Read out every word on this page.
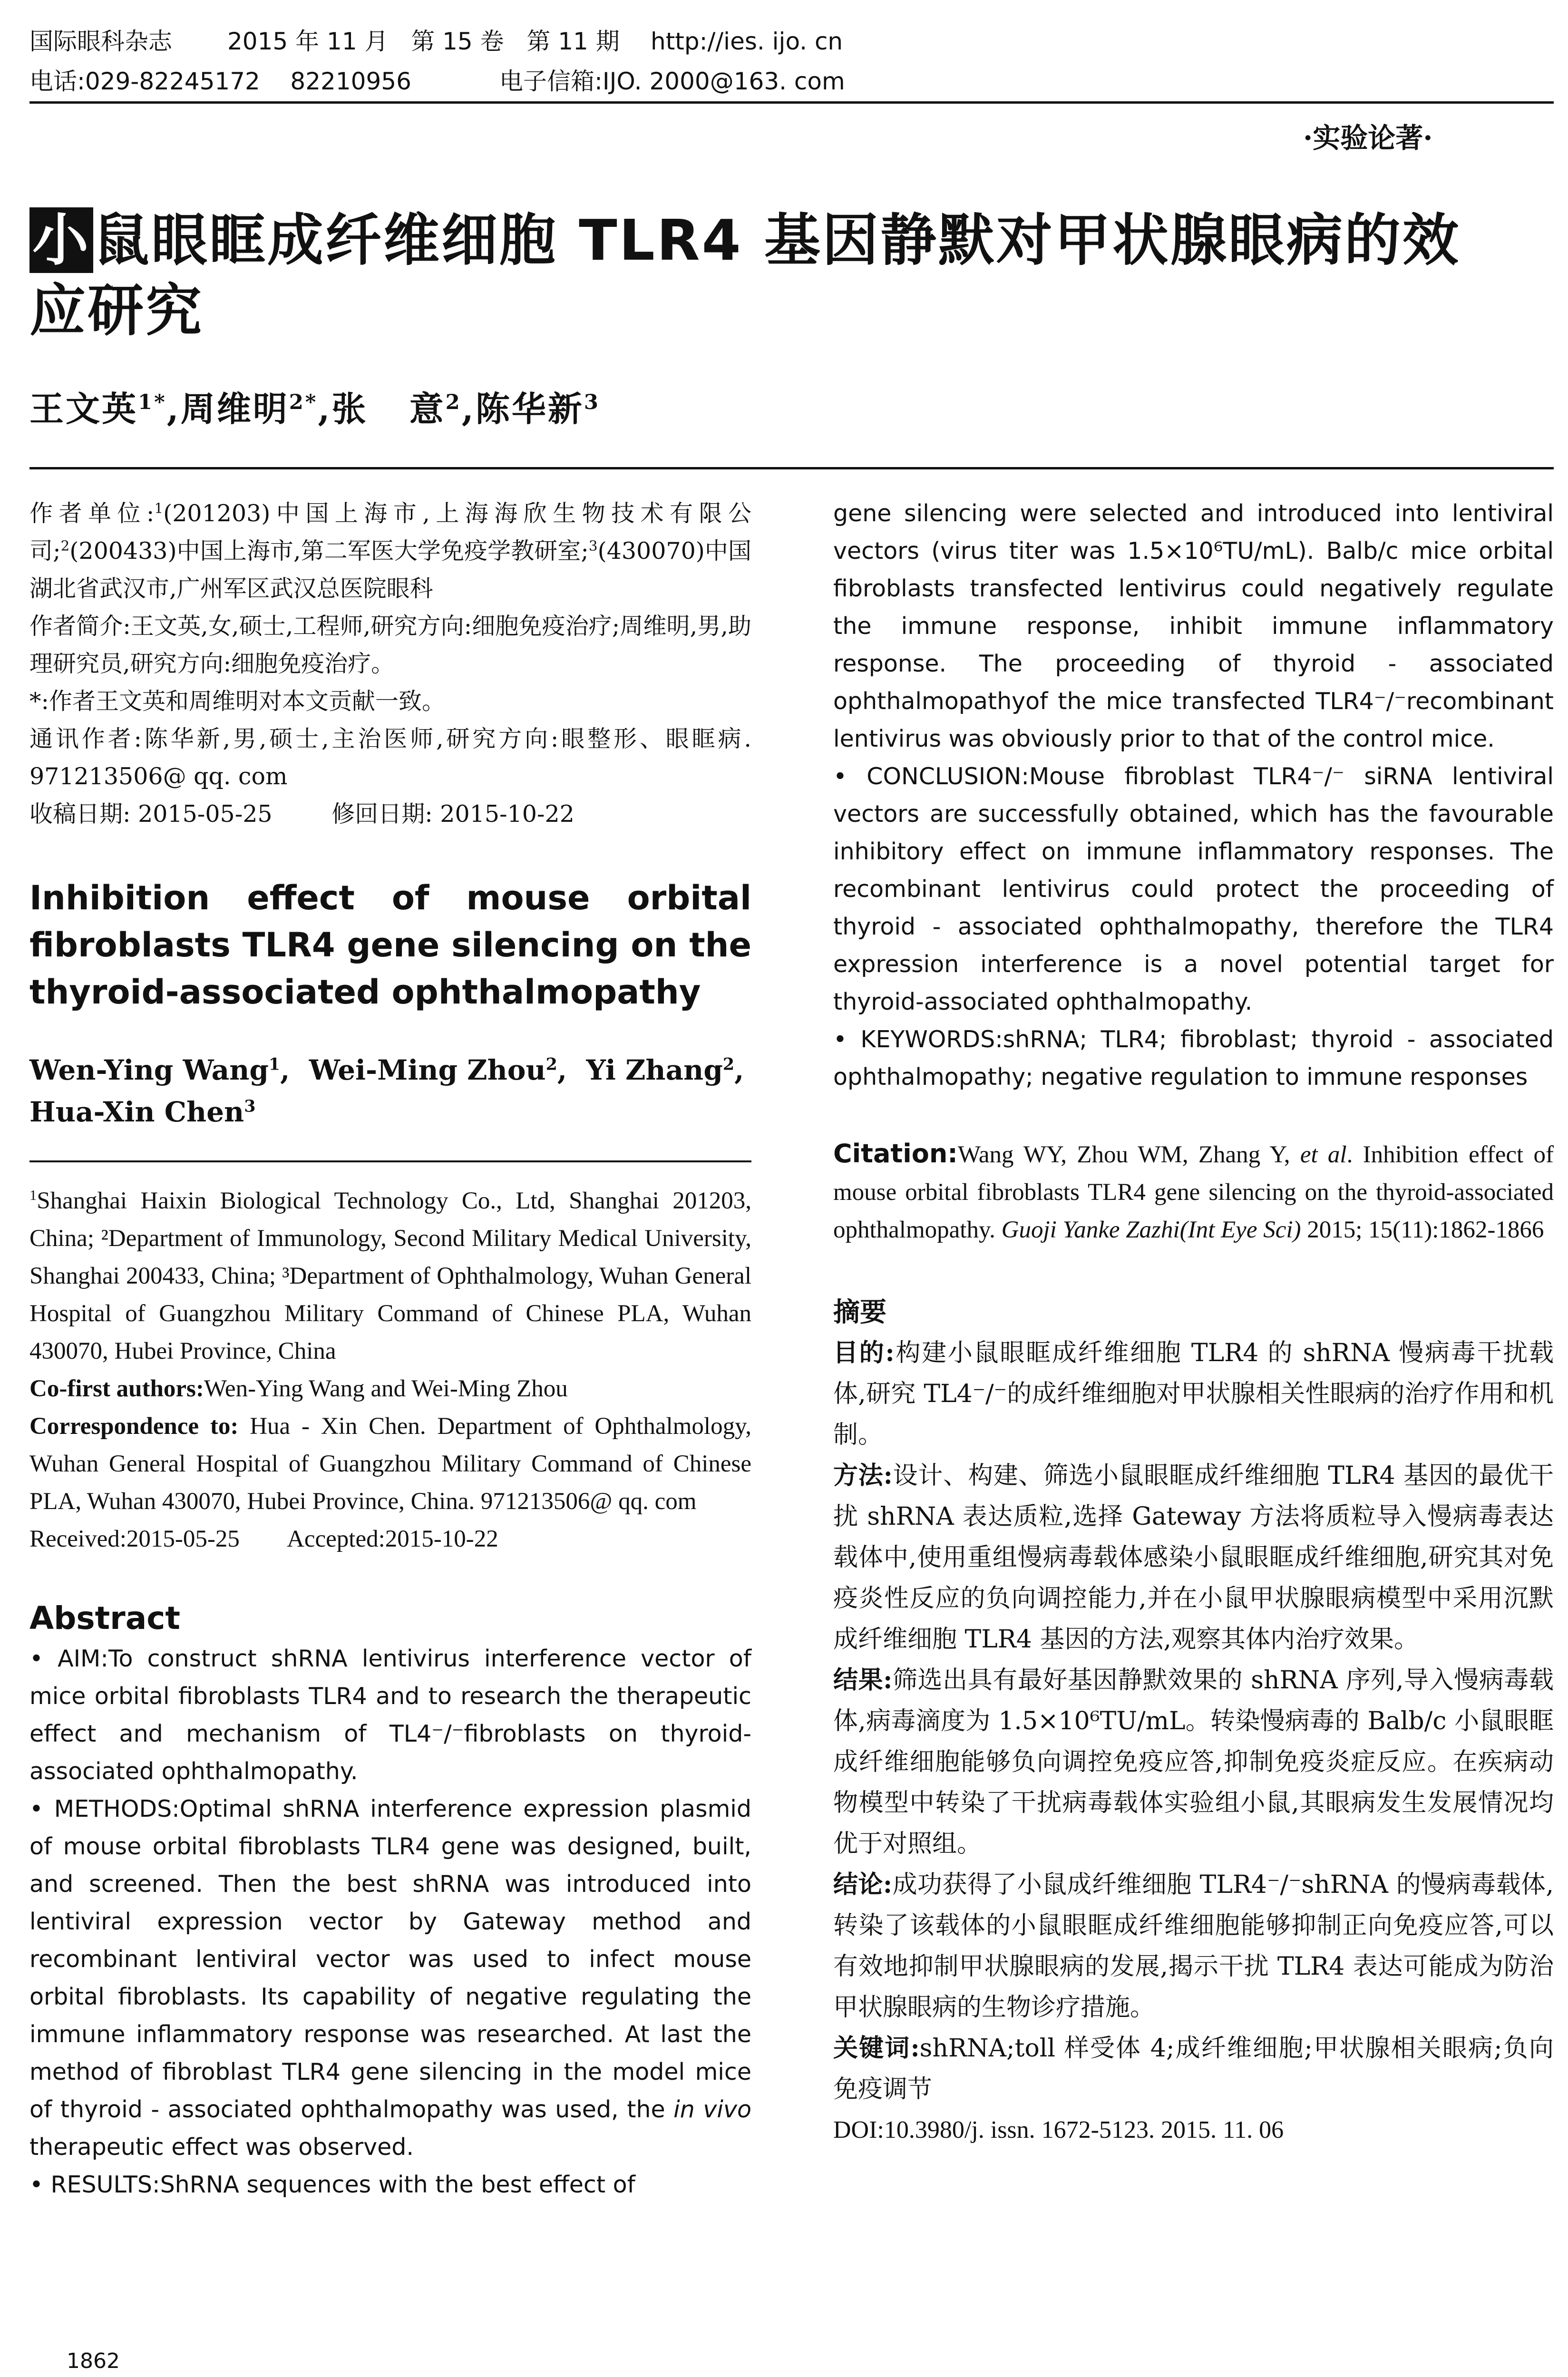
国际眼科杂志 2015 年 11 月   第 15 卷   第 11 期 http://ies. ijo. cn
电话:029-82245172    82210956	电子信箱:IJO. 2000@163. com
·实验论著·
小鼠眼眶成纤维细胞 TLR4 基因静默对甲状腺眼病的效
应研究
王文英$^{1*}$,周维明$^{2*}$,张   意$^2$,陈华新$^3$
作者单位:$^1$(201203)中国上海市,上海海欣生物技术有限公司;$^2$(200433)中国上海市,第二军医大学免疫学教研室;$^3$(430070)中国湖北省武汉市,广州军区武汉总医院眼科
作者简介:王文英,女,硕士,工程师,研究方向:细胞免疫治疗;周维明,男,助理研究员,研究方向:细胞免疫治疗。
*:作者王文英和周维明对本文贡献一致。
通讯作者:陈华新,男,硕士,主治医师,研究方向:眼整形、眼眶病. 971213506@ qq. com
收稿日期: 2015-05-25	修回日期: 2015-10-22
Inhibition effect of mouse orbital fibroblasts TLR4 gene silencing on the thyroid-associated ophthalmopathy
Wen-Ying Wang$^1$,  Wei-Ming Zhou$^2$,  Yi Zhang$^2$,
Hua-Xin Chen$^3$
$^1$Shanghai Haixin Biological Technology Co., Ltd, Shanghai 201203, China; ²Department of Immunology, Second Military Medical University, Shanghai 200433, China; ³Department of Ophthalmology, Wuhan General Hospital of Guangzhou Military Command of Chinese PLA, Wuhan 430070, Hubei Province, China
Co-first authors:Wen-Ying Wang and Wei-Ming Zhou
Correspondence to: Hua - Xin Chen. Department of Ophthalmology, Wuhan General Hospital of Guangzhou Military Command of Chinese PLA, Wuhan 430070, Hubei Province, China. 971213506@ qq. com
Received:2015-05-25 Accepted:2015-10-22
Abstract
• AIM:To construct shRNA lentivirus interference vector of mice orbital fibroblasts TLR4 and to research the therapeutic effect and mechanism of TL4⁻/⁻fibroblasts on thyroid-associated ophthalmopathy.
• METHODS:Optimal shRNA interference expression plasmid of mouse orbital fibroblasts TLR4 gene was designed, built, and screened. Then the best shRNA was introduced into lentiviral expression vector by Gateway method and recombinant lentiviral vector was used to infect mouse orbital fibroblasts. Its capability of negative regulating the immune inflammatory response was researched. At last the method of fibroblast TLR4 gene silencing in the model mice of thyroid - associated ophthalmopathy was used, the in vivo therapeutic effect was observed.
• RESULTS:ShRNA sequences with the best effect of
1862
gene silencing were selected and introduced into lentiviral vectors (virus titer was 1.5×10⁶TU/mL). Balb/c mice orbital fibroblasts transfected lentivirus could negatively regulate the immune response, inhibit immune inflammatory response. The proceeding of thyroid - associated ophthalmopathyof the mice transfected TLR4⁻/⁻recombinant lentivirus was obviously prior to that of the control mice.
• CONCLUSION:Mouse fibroblast TLR4⁻/⁻ siRNA lentiviral vectors are successfully obtained, which has the favourable inhibitory effect on immune inflammatory responses. The recombinant lentivirus could protect the proceeding of thyroid - associated ophthalmopathy, therefore the TLR4 expression interference is a novel potential target for thyroid-associated ophthalmopathy.
• KEYWORDS:shRNA; TLR4; fibroblast; thyroid - associated ophthalmopathy; negative regulation to immune responses
Citation:Wang WY, Zhou WM, Zhang Y, et al. Inhibition effect of mouse orbital fibroblasts TLR4 gene silencing on the thyroid-associated ophthalmopathy. Guoji Yanke Zazhi(Int Eye Sci) 2015; 15(11):1862-1866
摘要
目的:构建小鼠眼眶成纤维细胞 TLR4 的 shRNA 慢病毒干扰载体,研究 TL4⁻/⁻的成纤维细胞对甲状腺相关性眼病的治疗作用和机制。
方法:设计、构建、筛选小鼠眼眶成纤维细胞 TLR4 基因的最优干扰 shRNA 表达质粒,选择 Gateway 方法将质粒导入慢病毒表达载体中,使用重组慢病毒载体感染小鼠眼眶成纤维细胞,研究其对免疫炎性反应的负向调控能力,并在小鼠甲状腺眼病模型中采用沉默成纤维细胞 TLR4 基因的方法,观察其体内治疗效果。
结果:筛选出具有最好基因静默效果的 shRNA 序列,导入慢病毒载体,病毒滴度为 1.5×10⁶TU/mL。转染慢病毒的 Balb/c 小鼠眼眶成纤维细胞能够负向调控免疫应答,抑制免疫炎症反应。在疾病动物模型中转染了干扰病毒载体实验组小鼠,其眼病发生发展情况均优于对照组。
结论:成功获得了小鼠成纤维细胞 TLR4⁻/⁻shRNA 的慢病毒载体,转染了该载体的小鼠眼眶成纤维细胞能够抑制正向免疫应答,可以有效地抑制甲状腺眼病的发展,揭示干扰 TLR4 表达可能成为防治甲状腺眼病的生物诊疗措施。
关键词:shRNA;toll 样受体 4;成纤维细胞;甲状腺相关眼病;负向免疫调节
DOI:10.3980/j. issn. 1672-5123. 2015. 11. 06
